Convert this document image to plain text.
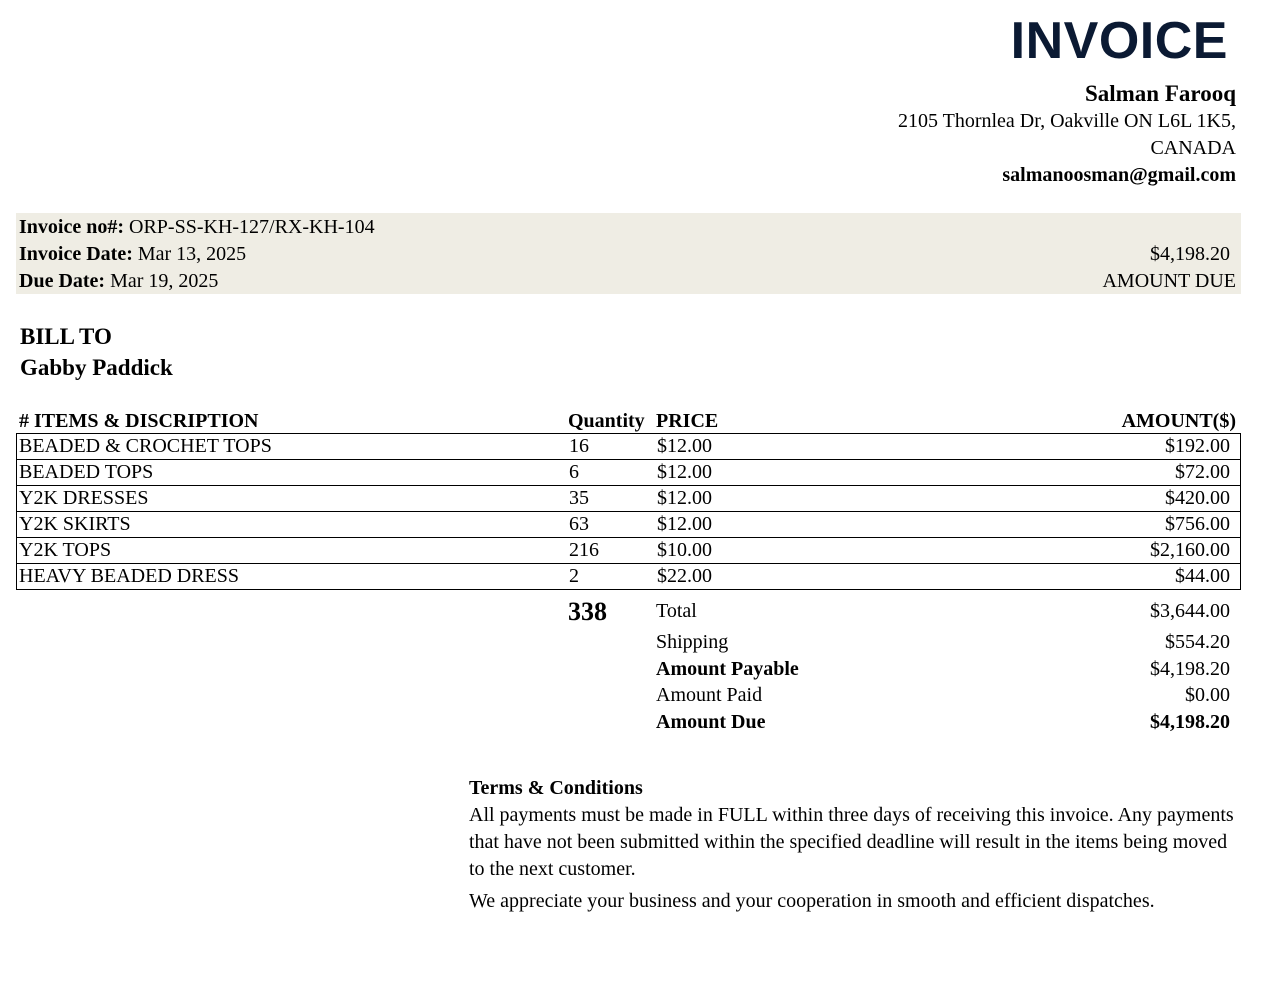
INVOICE
Salman Farooq
2105 Thornlea Dr, Oakville ON L6L 1K5,
CANADA
salmanoosman@gmail.com
Invoice no#: ORP-SS-KH-127/RX-KH-104
Invoice Date: Mar 13, 2025
Due Date: Mar 19, 2025
$4,198.20
AMOUNT DUE
BILL TO
Gabby Paddick
# ITEMS & DISCRIPTION	Quantity PRICE	AMOUNT($)
BEADED & CROCHET TOPS	16	$12.00	$192.00
BEADED TOPS	6	$12.00	$72.00
Y2K DRESSES	35	$12.00	$420.00
Y2K SKIRTS	63	$12.00	$756.00
Y2K TOPS	216	$10.00	$2,160.00
HEAVY BEADED DRESS	2	$22.00	$44.00
338 Total	$3,644.00
Shipping	$554.20
Amount Payable	$4,198.20
Amount Paid	$0.00
Amount Due	$4,198.20
Terms & Conditions
All payments must be made in FULL within three days of receiving this invoice. Any payments that have not been submitted within the specified deadline will result in the items being moved to the next customer.
We appreciate your business and your cooperation in smooth and efficient dispatches.
